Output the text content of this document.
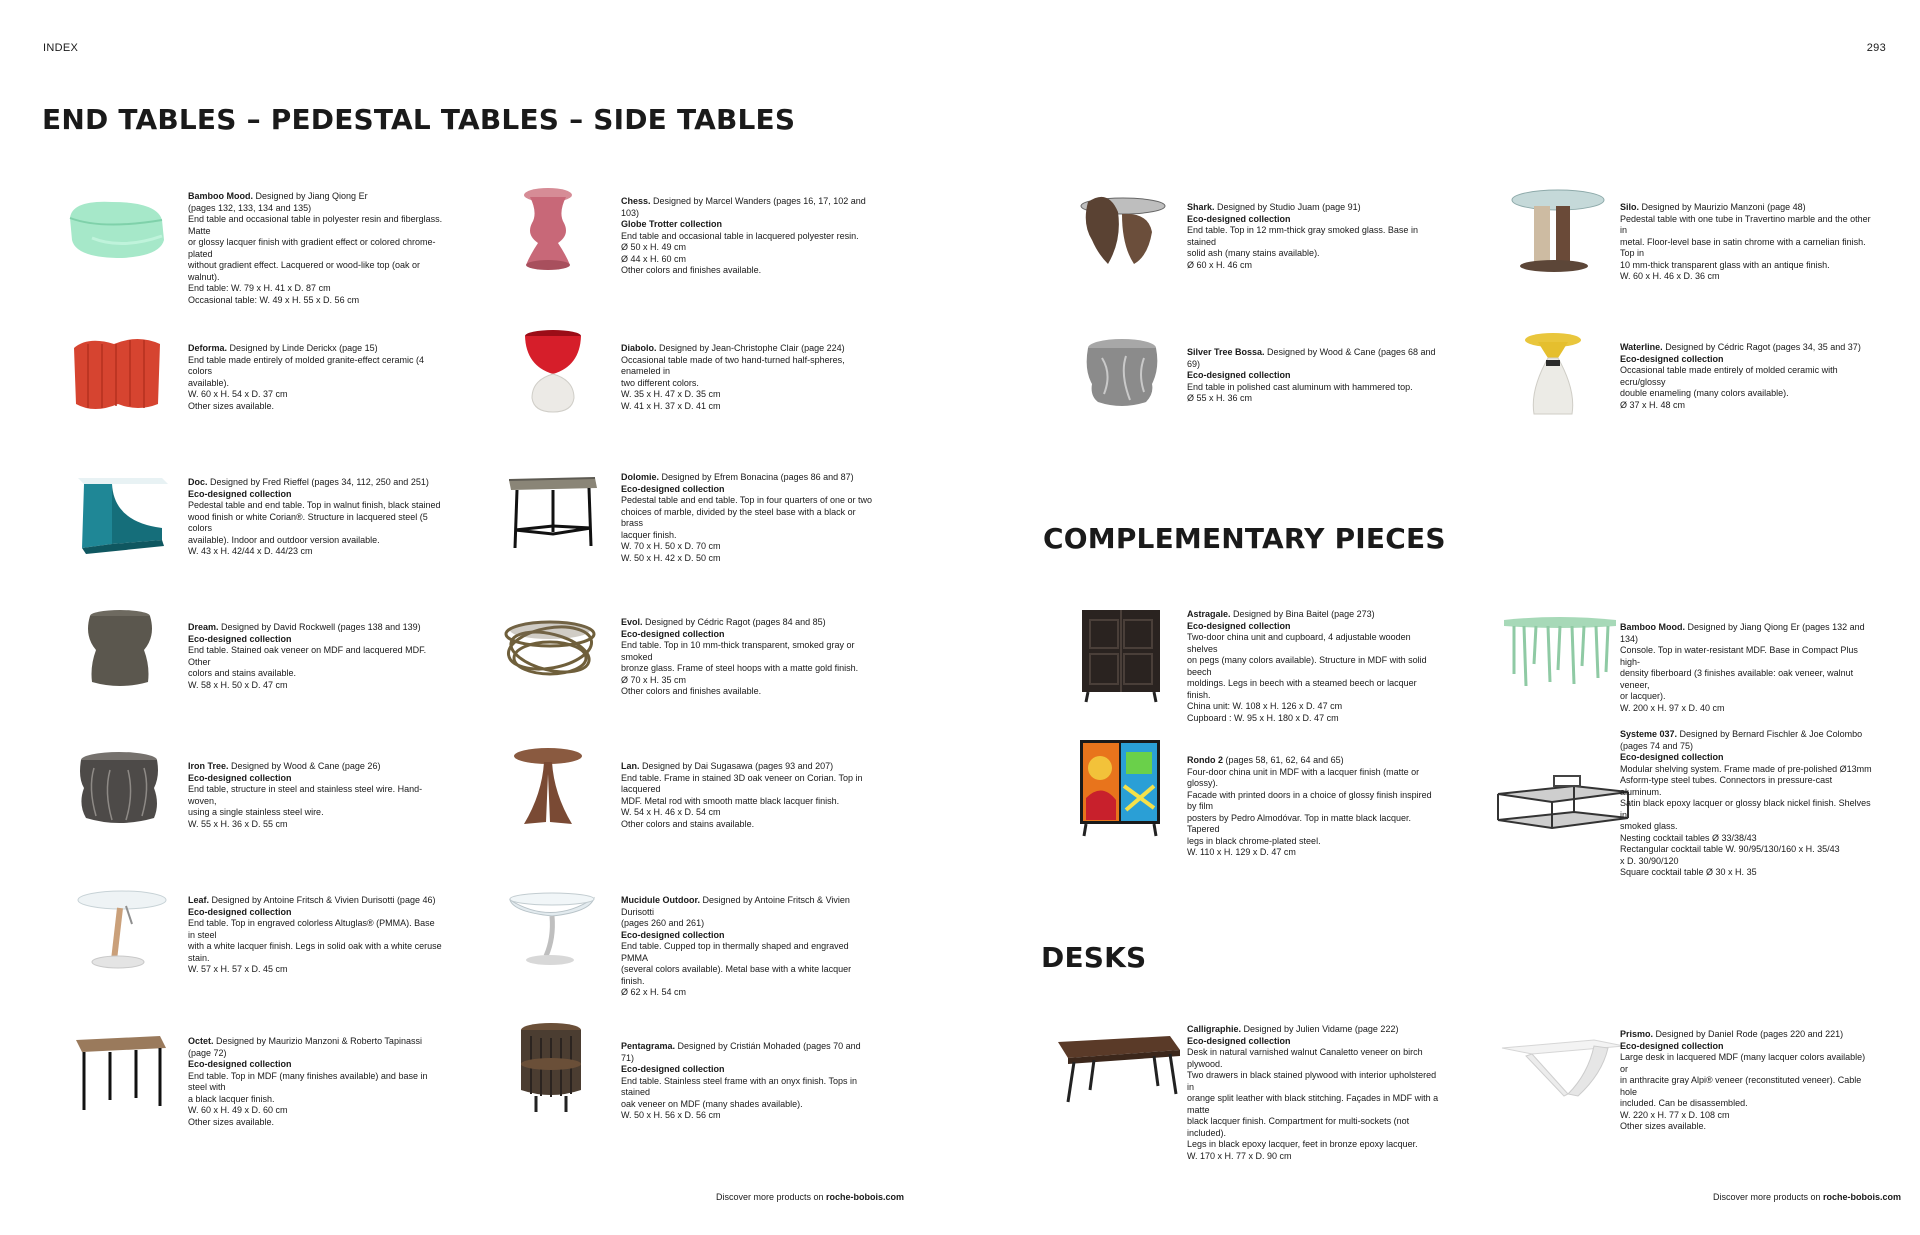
INDEX	293
END TABLES – PEDESTAL TABLES – SIDE TABLES
COMPLEMENTARY PIECES
DESKS
Bamboo Mood. Designed by Jiang Qiong Er
(pages 132, 133, 134 and 135)
End table and occasional table in polyester resin and fiberglass. Matte
or glossy lacquer finish with gradient effect or colored chrome-plated
without gradient effect. Lacquered or wood-like top (oak or walnut).
End table: W. 79 x H. 41 x D. 87 cm
Occasional table: W. 49 x H. 55 x D. 56 cm
Deforma. Designed by Linde Derickx (page 15)
End table made entirely of molded granite-effect ceramic (4 colors
available).
W. 60 x H. 54 x D. 37 cm
Other sizes available.
Doc. Designed by Fred Rieffel (pages 34, 112, 250 and 251)
Eco-designed collection
Pedestal table and end table. Top in walnut finish, black stained
wood finish or white Corian®. Structure in lacquered steel (5 colors
available). Indoor and outdoor version available.
W. 43 x H. 42/44 x D. 44/23 cm
Dream. Designed by David Rockwell (pages 138 and 139)
Eco-designed collection
End table. Stained oak veneer on MDF and lacquered MDF. Other
colors and stains available.
W. 58 x H. 50 x D. 47 cm
Iron Tree. Designed by Wood & Cane (page 26)
Eco-designed collection
End table, structure in steel and stainless steel wire. Hand-woven,
using a single stainless steel wire.
W. 55 x H. 36 x D. 55 cm
Leaf. Designed by Antoine Fritsch & Vivien Durisotti (page 46)
Eco-designed collection
End table. Top in engraved colorless Altuglas® (PMMA). Base in steel
with a white lacquer finish. Legs in solid oak with a white ceruse
stain.
W. 57 x H. 57 x D. 45 cm
Octet. Designed by Maurizio Manzoni & Roberto Tapinassi (page 72)
Eco-designed collection
End table. Top in MDF (many finishes available) and base in steel with
a black lacquer finish.
W. 60 x H. 49 x D. 60 cm
Other sizes available.
Chess. Designed by Marcel Wanders (pages 16, 17, 102 and 103)
Globe Trotter collection
End table and occasional table in lacquered polyester resin.
Ø 50 x H. 49 cm
Ø 44 x H. 60 cm
Other colors and finishes available.
Diabolo. Designed by Jean-Christophe Clair (page 224)
Occasional table made of two hand-turned half-spheres, enameled in
two different colors.
W. 35 x H. 47 x D. 35 cm
W. 41 x H. 37 x D. 41 cm
Dolomie. Designed by Efrem Bonacina (pages 86 and 87)
Eco-designed collection
Pedestal table and end table. Top in four quarters of one or two
choices of marble, divided by the steel base with a black or brass
lacquer finish.
W. 70 x H. 50 x D. 70 cm
W. 50 x H. 42 x D. 50 cm
Evol. Designed by Cédric Ragot (pages 84 and 85)
Eco-designed collection
End table. Top in 10 mm-thick transparent, smoked gray or smoked
bronze glass. Frame of steel hoops with a matte gold finish.
Ø 70 x H. 35 cm
Other colors and finishes available.
Lan. Designed by Dai Sugasawa (pages 93 and 207)
End table. Frame in stained 3D oak veneer on Corian. Top in lacquered
MDF. Metal rod with smooth matte black lacquer finish.
W. 54 x H. 46 x D. 54 cm
Other colors and stains available.
Mucidule Outdoor. Designed by Antoine Fritsch & Vivien Durisotti
(pages 260 and 261)
Eco-designed collection
End table. Cupped top in thermally shaped and engraved PMMA
(several colors available). Metal base with a white lacquer finish.
Ø 62 x H. 54 cm
Pentagrama. Designed by Cristián Mohaded (pages 70 and 71)
Eco-designed collection
End table. Stainless steel frame with an onyx finish. Tops in stained
oak veneer on MDF (many shades available).
W. 50 x H. 56 x D. 56 cm
Shark. Designed by Studio Juam (page 91)
Eco-designed collection
End table. Top in 12 mm-thick gray smoked glass. Base in stained
solid ash (many stains available).
Ø 60 x H. 46 cm
Silver Tree Bossa. Designed by Wood & Cane (pages 68 and 69)
Eco-designed collection
End table in polished cast aluminum with hammered top.
Ø 55 x H. 36 cm
Astragale. Designed by Bina Baitel (page 273)
Eco-designed collection
Two-door china unit and cupboard, 4 adjustable wooden shelves
on pegs (many colors available). Structure in MDF with solid beech
moldings. Legs in beech with a steamed beech or lacquer finish.
China unit: W. 108 x H. 126 x D. 47 cm
Cupboard : W. 95 x H. 180 x D. 47 cm
Rondo 2 (pages 58, 61, 62, 64 and 65)
Four-door china unit in MDF with a lacquer finish (matte or glossy).
Facade with printed doors in a choice of glossy finish inspired by film
posters by Pedro Almodóvar. Top in matte black lacquer. Tapered
legs in black chrome-plated steel.
W. 110 x H. 129 x D. 47 cm
Calligraphie. Designed by Julien Vidame (page 222)
Eco-designed collection
Desk in natural varnished walnut Canaletto veneer on birch plywood.
Two drawers in black stained plywood with interior upholstered in
orange split leather with black stitching. Façades in MDF with a matte
black lacquer finish. Compartment for multi-sockets (not included).
Legs in black epoxy lacquer, feet in bronze epoxy lacquer.
W. 170 x H. 77 x D. 90 cm
Silo. Designed by Maurizio Manzoni (page 48)
Pedestal table with one tube in Travertino marble and the other in
metal. Floor-level base in satin chrome with a carnelian finish. Top in
10 mm-thick transparent glass with an antique finish.
W. 60 x H. 46 x D. 36 cm
Waterline. Designed by Cédric Ragot (pages 34, 35 and 37)
Eco-designed collection
Occasional table made entirely of molded ceramic with ecru/glossy
double enameling (many colors available).
Ø 37 x H. 48 cm
Bamboo Mood. Designed by Jiang Qiong Er (pages 132 and 134)
Console. Top in water-resistant MDF. Base in Compact Plus high-
density fiberboard (3 finishes available: oak veneer, walnut veneer,
or lacquer).
W. 200 x H. 97 x D. 40 cm
Systeme 037. Designed by Bernard Fischler & Joe Colombo
(pages 74 and 75)
Eco-designed collection
Modular shelving system. Frame made of pre-polished Ø13mm
Asform-type steel tubes. Connectors in pressure-cast aluminum.
Satin black epoxy lacquer or glossy black nickel finish. Shelves in
smoked glass.
Nesting cocktail tables Ø 33/38/43
Rectangular cocktail table W. 90/95/130/160 x H. 35/43
x D. 30/90/120
Square cocktail table Ø 30 x H. 35
Prismo. Designed by Daniel Rode (pages 220 and 221)
Eco-designed collection
Large desk in lacquered MDF (many lacquer colors available) or
in anthracite gray Alpi® veneer (reconstituted veneer). Cable hole
included. Can be disassembled.
W. 220 x H. 77 x D. 108 cm
Other sizes available.
Discover more products on roche-bobois.com	Discover more products on roche-bobois.com
